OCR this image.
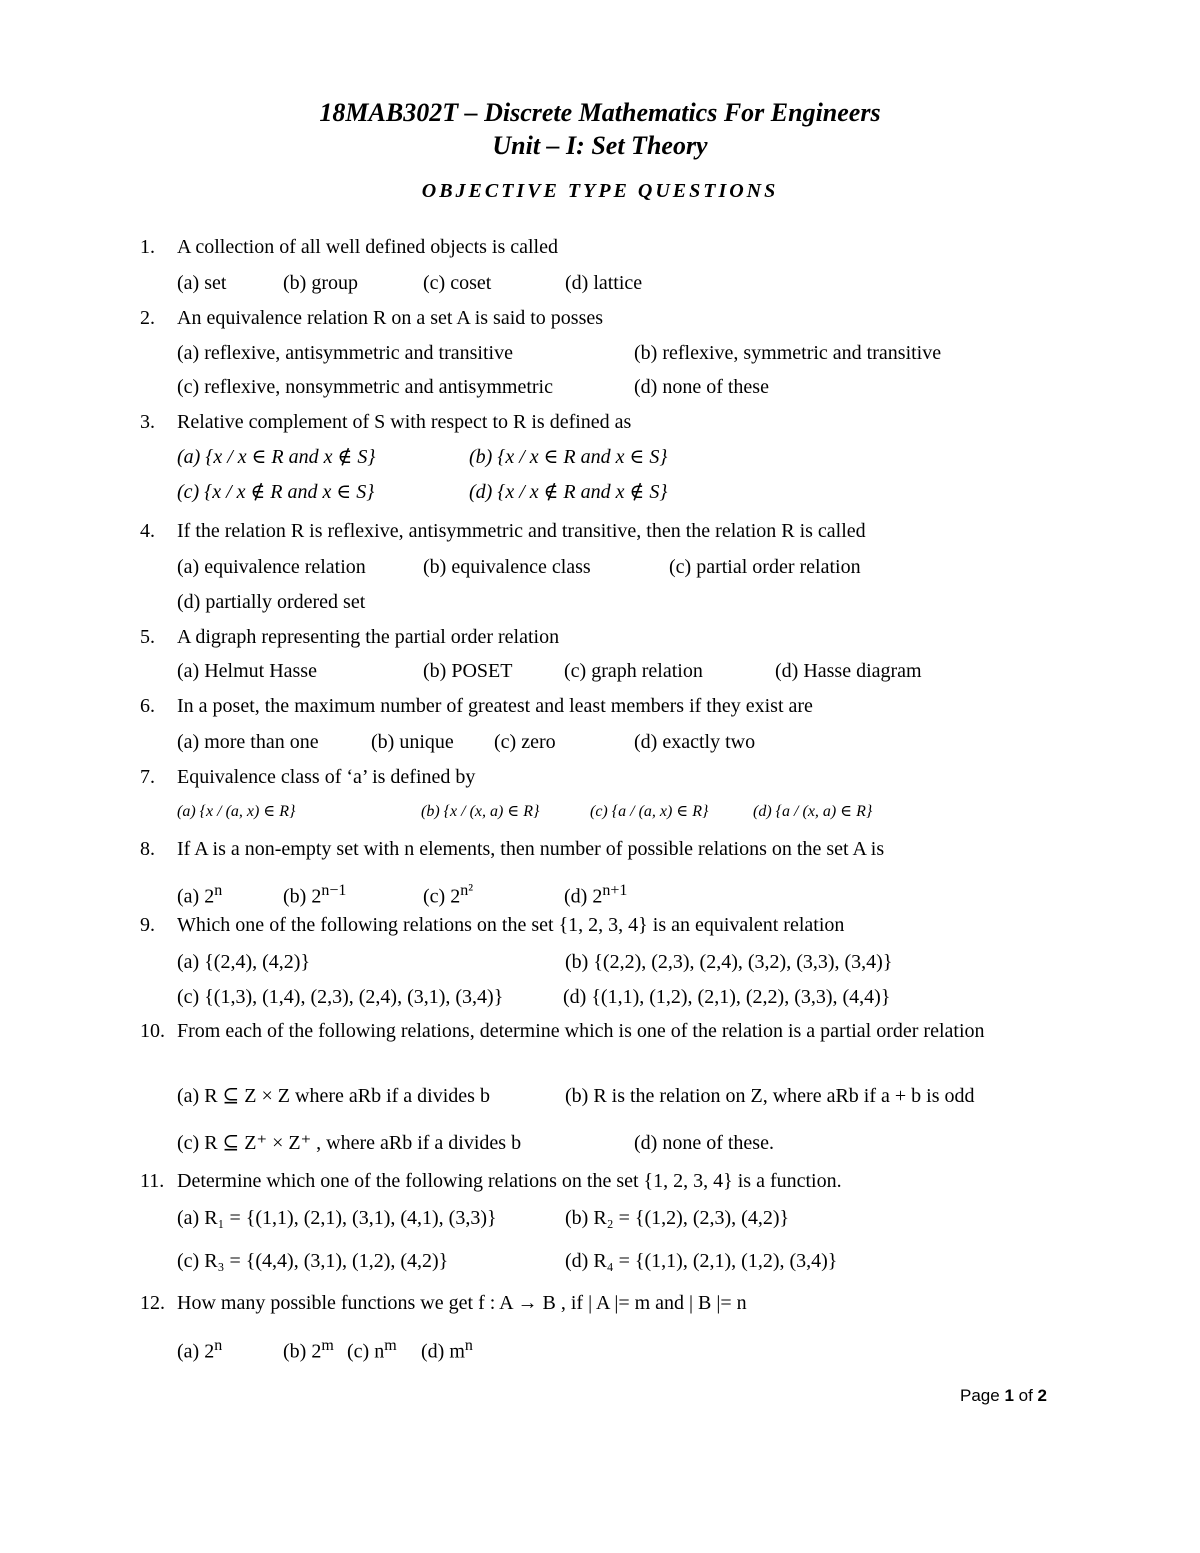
18MAB302T – Discrete Mathematics For Engineers

Unit – I: Set Theory

OBJECTIVE TYPE QUESTIONS

1.	A collection of all well defined objects is called
(a) set	(b) group	(c) coset	(d) lattice
2.	An equivalence relation R on a set A is said to posses
(a) reflexive, antisymmetric and transitive	(b) reflexive, symmetric and transitive
(c) reflexive, nonsymmetric and antisymmetric	(d) none of these
3.	Relative complement of S with respect to R is defined as
(a) {x / x ∈ R and x ∉ S}	(b) {x / x ∈ R and x ∈ S}
(c) {x / x ∉ R and x ∈ S}	(d) {x / x ∉ R and x ∉ S}
4.	If the relation R is reflexive, antisymmetric and transitive, then the relation R is called
(a) equivalence relation	(b) equivalence class	(c) partial order relation
(d) partially ordered set
5.	A digraph representing the partial order relation
(a) Helmut Hasse	(b) POSET	(c) graph relation	(d) Hasse diagram
6.	In a poset, the maximum number of greatest and least members if they exist are
(a) more than one	(b) unique (c) zero	(d) exactly two
7.	Equivalence class of ‘a’ is defined by
(a) {x / (a, x) ∈ R}	(b) {x / (x, a) ∈ R}	(c) {a / (a, x) ∈ R}	(d) {a / (x, a) ∈ R}
8.	If A is a non-empty set with n elements, then number of possible relations on the set A is
(a) 2$^n$	(b) $2^{n-1}$	(c) $2^{n^2}$	(d) $2^{n+1}$
9.	Which one of the following relations on the set {1, 2, 3, 4} is an equivalent relation
(a) {(2,4), (4,2)}	(b) {(2,2), (2,3), (2,4), (3,2), (3,3), (3,4)}
(c) {(1,3), (1,4), (2,3), (2,4), (3,1), (3,4)}	(d) {(1,1), (1,2), (2,1), (2,2), (3,3), (4,4)}
10. From each of the following relations, determine which is one of the relation is a partial order relation
(a) R ⊆ Z × Z where aRb if a divides b	(b) R is the relation on Z, where aRb if a + b is odd
(c) R ⊆ Z⁺ × Z⁺ , where aRb if a divides b	(d) none of these.
11. Determine which one of the following relations on the set {1, 2, 3, 4} is a function.
(a) R₁ = {(1,1), (2,1), (3,1), (4,1), (3,3)}	(b) R₂ = {(1,2), (2,3), (4,2)}
(c) R₃ = {(4,4), (3,1), (1,2), (4,2)}	(d) R₄ = {(1,1), (2,1), (1,2), (3,4)}
12. How many possible functions we get f : A → B , if | A |= m and | B |= n
(a) 2$^n$	(b) 2$^m$ (c) $n^m$ (d) $m^n$
Page 1 of 2
